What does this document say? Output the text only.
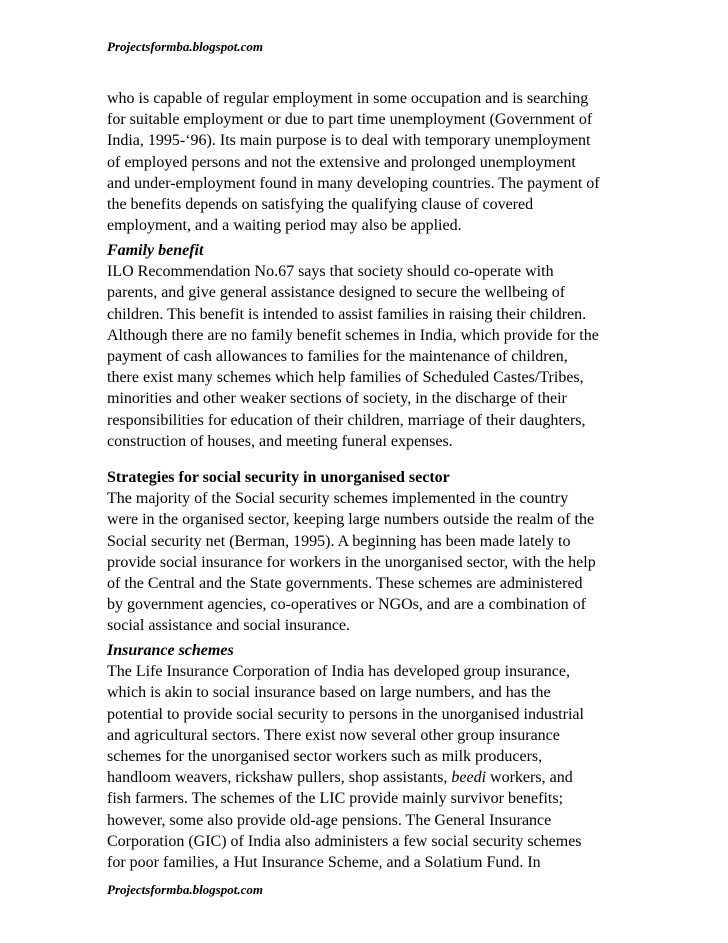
Projectsformba.blogspot.com
who is capable of regular employment in some occupation and is searching
for suitable employment or due to part time unemployment (Government of
India, 1995-‘96). Its main purpose is to deal with temporary unemployment
of employed persons and not the extensive and prolonged unemployment
and under-employment found in many developing countries. The payment of
the benefits depends on satisfying the qualifying clause of covered
employment, and a waiting period may also be applied.
Family benefit
ILO Recommendation No.67 says that society should co-operate with
parents, and give general assistance designed to secure the wellbeing of
children. This benefit is intended to assist families in raising their children.
Although there are no family benefit schemes in India, which provide for the
payment of cash allowances to families for the maintenance of children,
there exist many schemes which help families of Scheduled Castes/Tribes,
minorities and other weaker sections of society, in the discharge of their
responsibilities for education of their children, marriage of their daughters,
construction of houses, and meeting funeral expenses.
Strategies for social security in unorganised sector
The majority of the Social security schemes implemented in the country
were in the organised sector, keeping large numbers outside the realm of the
Social security net (Berman, 1995). A beginning has been made lately to
provide social insurance for workers in the unorganised sector, with the help
of the Central and the State governments. These schemes are administered
by government agencies, co-operatives or NGOs, and are a combination of
social assistance and social insurance.
Insurance schemes
The Life Insurance Corporation of India has developed group insurance,
which is akin to social insurance based on large numbers, and has the
potential to provide social security to persons in the unorganised industrial
and agricultural sectors. There exist now several other group insurance
schemes for the unorganised sector workers such as milk producers,
handloom weavers, rickshaw pullers, shop assistants, beedi workers, and
fish farmers. The schemes of the LIC provide mainly survivor benefits;
however, some also provide old-age pensions. The General Insurance
Corporation (GIC) of India also administers a few social security schemes
for poor families, a Hut Insurance Scheme, and a Solatium Fund. In
Projectsformba.blogspot.com
